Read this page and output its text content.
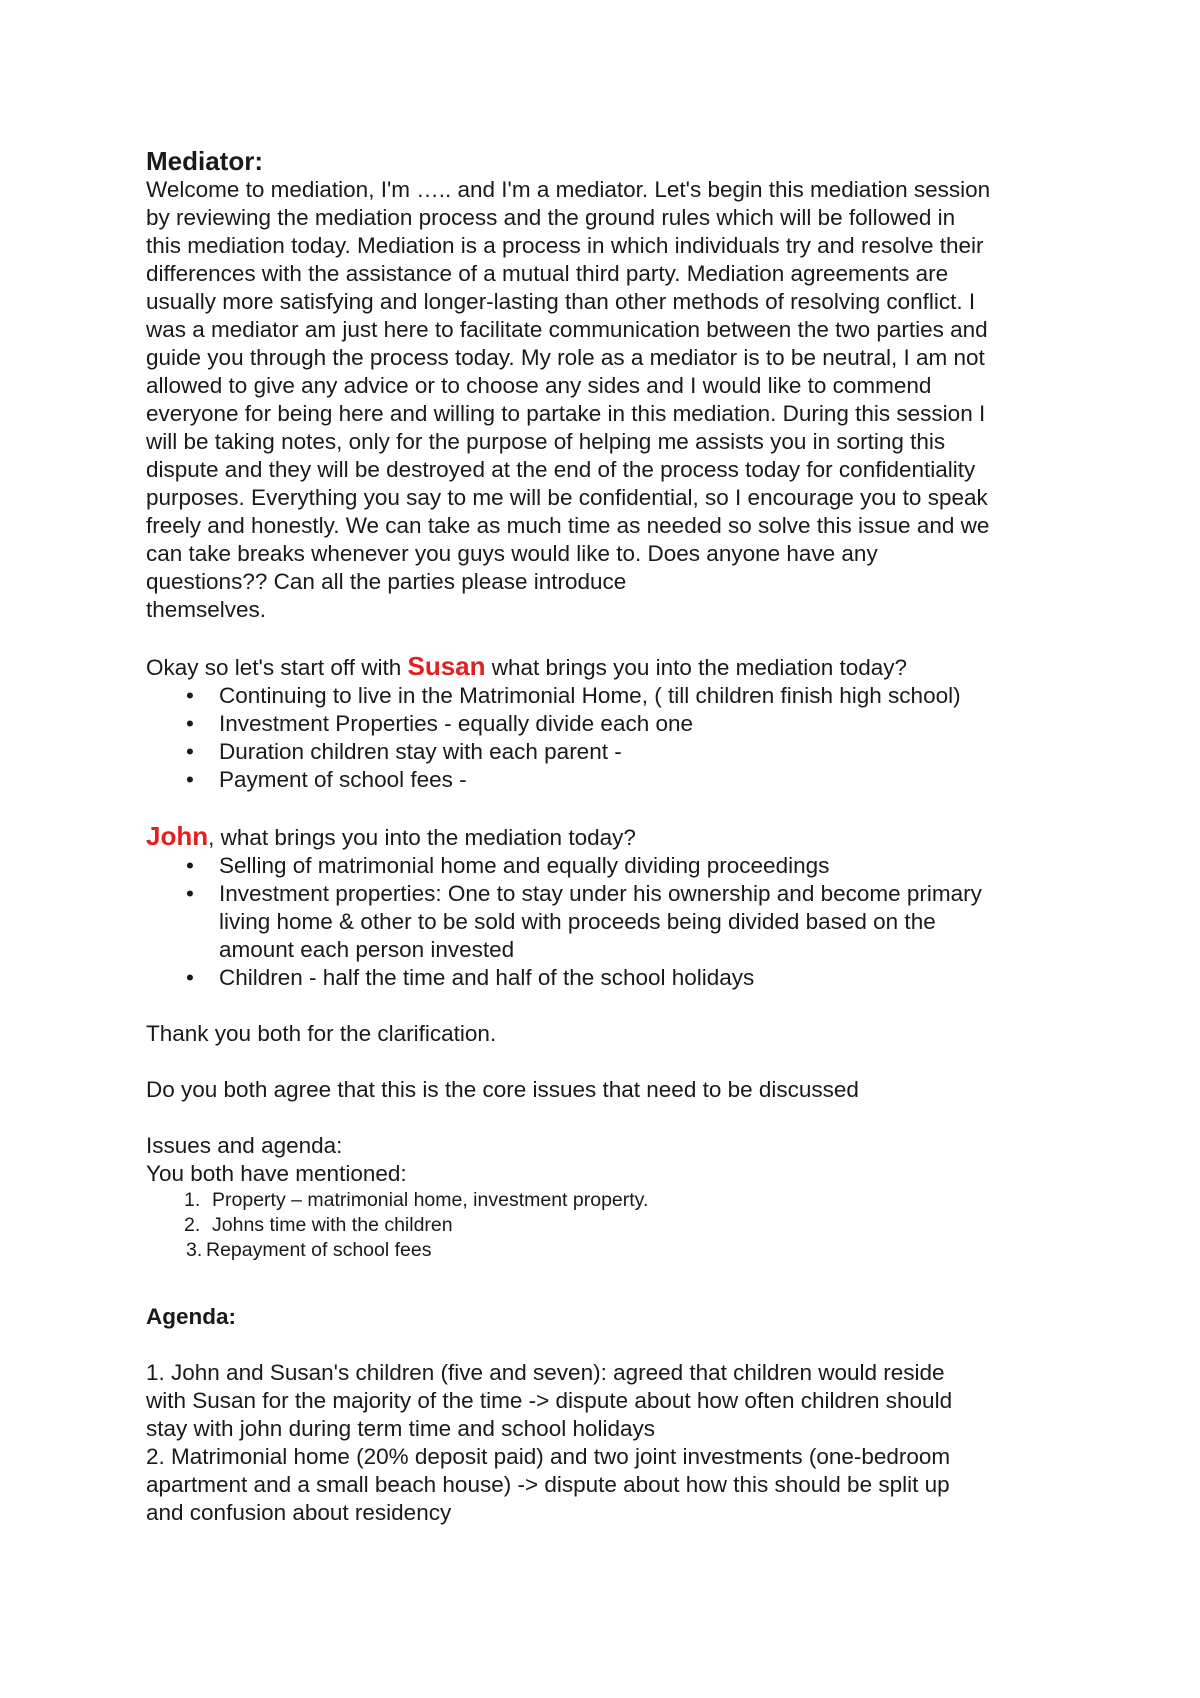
Mediator:

Welcome to mediation, I'm ….. and I'm a mediator. Let's begin this mediation session
by reviewing the mediation process and the ground rules which will be followed in
this mediation today. Mediation is a process in which individuals try and resolve their
differences with the assistance of a mutual third party. Mediation agreements are
usually more satisfying and longer-lasting than other methods of resolving conflict. I
was a mediator am just here to facilitate communication between the two parties and
guide you through the process today. My role as a mediator is to be neutral, I am not
allowed to give any advice or to choose any sides and I would like to commend
everyone for being here and willing to partake in this mediation. During this session I
will be taking notes, only for the purpose of helping me assists you in sorting this
dispute and they will be destroyed at the end of the process today for confidentiality
purposes. Everything you say to me will be confidential, so I encourage you to speak
freely and honestly. We can take as much time as needed so solve this issue and we
can take breaks whenever you guys would like to. Does anyone have any
questions?? Can all the parties please introduce
themselves.

Okay so let's start off with Susan what brings you into the mediation today?

• Continuing to live in the Matrimonial Home, ( till children finish high school)
• Investment Properties - equally divide each one
• Duration children stay with each parent -
• Payment of school fees -

John, what brings you into the mediation today?

• Selling of matrimonial home and equally dividing proceedings
• Investment properties: One to stay under his ownership and become primary
living home & other to be sold with proceeds being divided based on the
amount each person invested
• Children - half the time and half of the school holidays

Thank you both for the clarification.

Do you both agree that this is the core issues that need to be discussed

Issues and agenda:

You both have mentioned:

1. Property – matrimonial home, investment property.
2. Johns time with the children
3. Repayment of school fees

Agenda:

1. John and Susan's children (five and seven): agreed that children would reside
with Susan for the majority of the time -> dispute about how often children should
stay with john during term time and school holidays
2. Matrimonial home (20% deposit paid) and two joint investments (one-bedroom
apartment and a small beach house) -> dispute about how this should be split up
and confusion about residency
